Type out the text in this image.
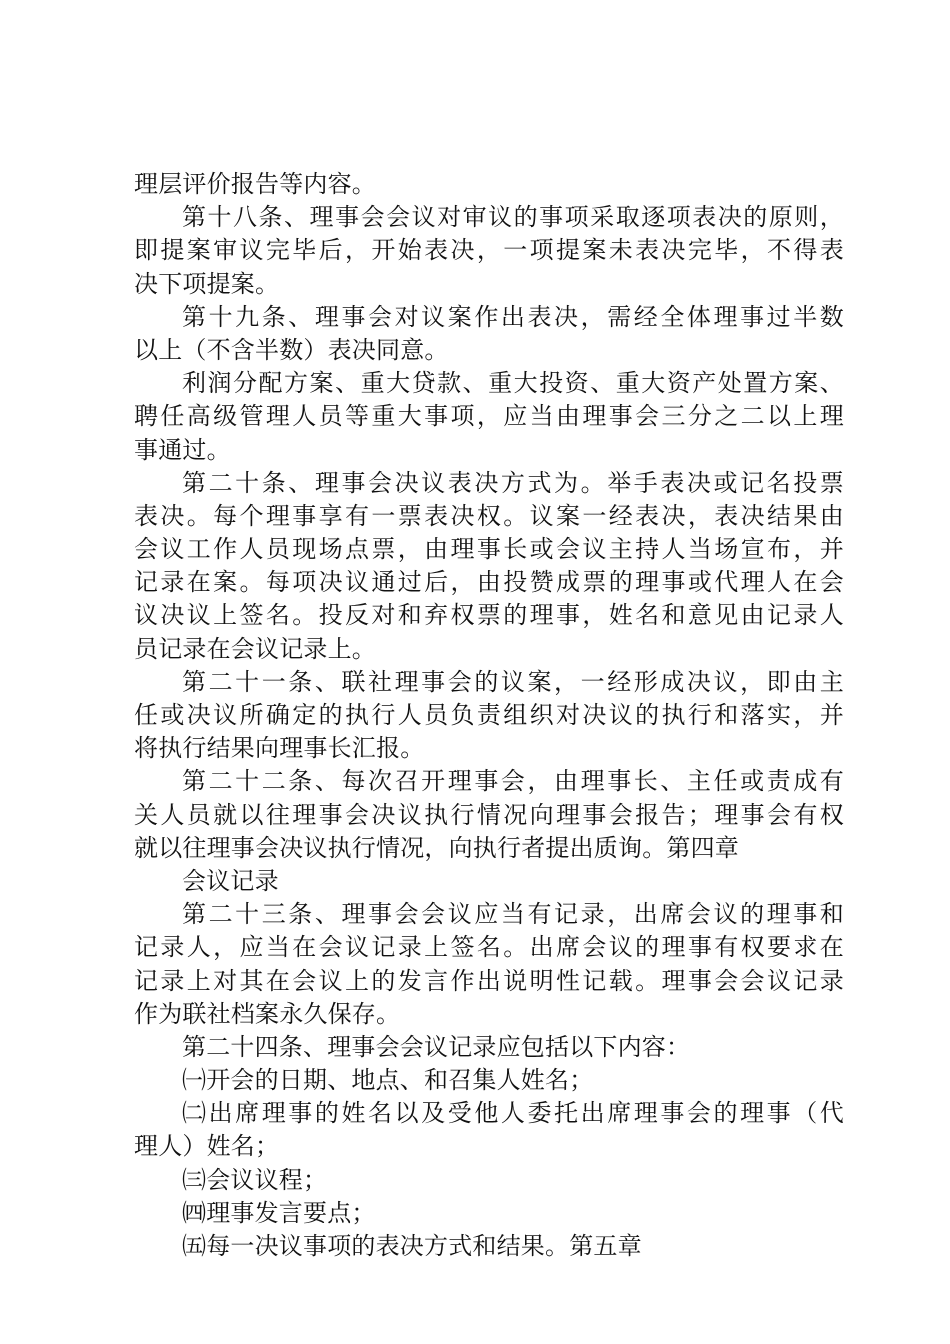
理层评价报告等内容。
第十八条、理事会会议对审议的事项采取逐项表决的原则，
即提案审议完毕后，开始表决，一项提案未表决完毕，不得表
决下项提案。
第十九条、理事会对议案作出表决，需经全体理事过半数
以上（不含半数）表决同意。
利润分配方案、重大贷款、重大投资、重大资产处置方案、
聘任高级管理人员等重大事项，应当由理事会三分之二以上理
事通过。
第二十条、理事会决议表决方式为。举手表决或记名投票
表决。每个理事享有一票表决权。议案一经表决，表决结果由
会议工作人员现场点票，由理事长或会议主持人当场宣布，并
记录在案。每项决议通过后，由投赞成票的理事或代理人在会
议决议上签名。投反对和弃权票的理事，姓名和意见由记录人
员记录在会议记录上。
第二十一条、联社理事会的议案，一经形成决议，即由主
任或决议所确定的执行人员负责组织对决议的执行和落实，并
将执行结果向理事长汇报。
第二十二条、每次召开理事会，由理事长、主任或责成有
关人员就以往理事会决议执行情况向理事会报告；理事会有权
就以往理事会决议执行情况，向执行者提出质询。第四章
会议记录
第二十三条、理事会会议应当有记录，出席会议的理事和
记录人，应当在会议记录上签名。出席会议的理事有权要求在
记录上对其在会议上的发言作出说明性记载。理事会会议记录
作为联社档案永久保存。
第二十四条、理事会会议记录应包括以下内容：
㈠开会的日期、地点、和召集人姓名；
㈡出席理事的姓名以及受他人委托出席理事会的理事（代
理人）姓名；
㈢会议议程；
㈣理事发言要点；
㈤每一决议事项的表决方式和结果。第五章
